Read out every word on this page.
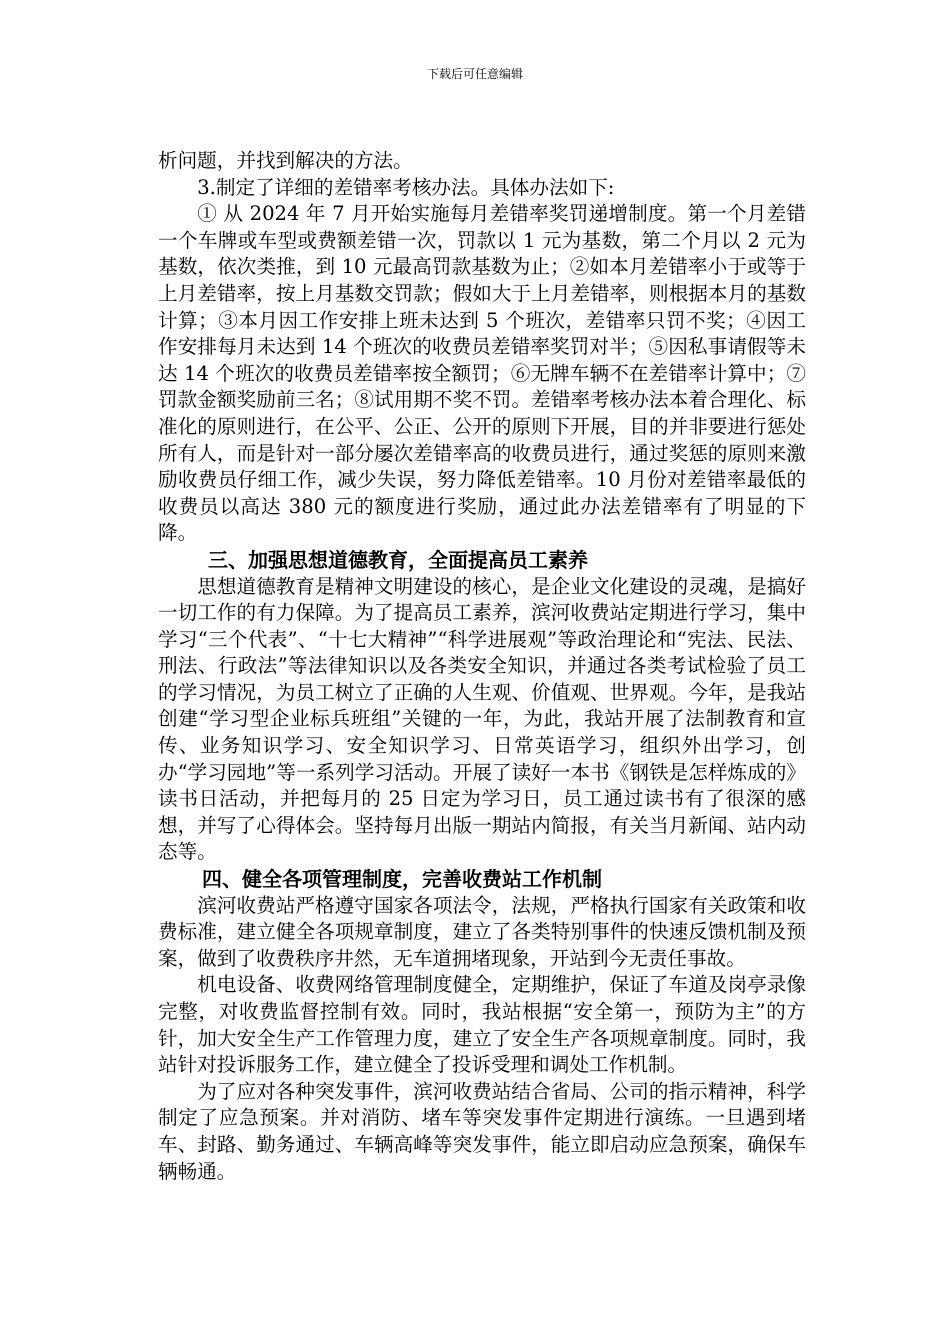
下载后可任意编辑

析问题，并找到解决的方法。

3.制定了详细的差错率考核办法。具体办法如下:

① 从 2024 年 7 月开始实施每月差错率奖罚递增制度。第一个月差错一个车牌或车型或费额差错一次，罚款以 1 元为基数，第二个月以 2 元为基数，依次类推，到 10 元最高罚款基数为止；②如本月差错率小于或等于上月差错率，按上月基数交罚款；假如大于上月差错率，则根据本月的基数计算；③本月因工作安排上班未达到 5 个班次，差错率只罚不奖；④因工作安排每月未达到 14 个班次的收费员差错率奖罚对半；⑤因私事请假等未达 14 个班次的收费员差错率按全额罚；⑥无牌车辆不在差错率计算中；⑦罚款金额奖励前三名；⑧试用期不奖不罚。差错率考核办法本着合理化、标准化的原则进行，在公平、公正、公开的原则下开展，目的并非要进行惩处所有人，而是针对一部分屡次差错率高的收费员进行，通过奖惩的原则来激励收费员仔细工作，减少失误，努力降低差错率。10 月份对差错率最低的收费员以高达 380 元的额度进行奖励，通过此办法差错率有了明显的下降。

三、加强思想道德教育，全面提高员工素养

思想道德教育是精神文明建设的核心，是企业文化建设的灵魂，是搞好一切工作的有力保障。为了提高员工素养，滨河收费站定期进行学习，集中学习“三个代表”、“十七大精神”“科学进展观”等政治理论和“宪法、民法、刑法、行政法”等法律知识以及各类安全知识，并通过各类考试检验了员工的学习情况，为员工树立了正确的人生观、价值观、世界观。今年，是我站创建“学习型企业标兵班组”关键的一年，为此，我站开展了法制教育和宣传、业务知识学习、安全知识学习、日常英语学习，组织外出学习，创办“学习园地”等一系列学习活动。开展了读好一本书《钢铁是怎样炼成的》读书日活动，并把每月的 25 日定为学习日，员工通过读书有了很深的感想，并写了心得体会。坚持每月出版一期站内简报，有关当月新闻、站内动态等。

四、健全各项管理制度，完善收费站工作机制

滨河收费站严格遵守国家各项法令，法规，严格执行国家有关政策和收费标准，建立健全各项规章制度，建立了各类特别事件的快速反馈机制及预案，做到了收费秩序井然，无车道拥堵现象，开站到今无责任事故。

机电设备、收费网络管理制度健全，定期维护，保证了车道及岗亭录像完整，对收费监督控制有效。同时，我站根据“安全第一，预防为主”的方针，加大安全生产工作管理力度，建立了安全生产各项规章制度。同时，我站针对投诉服务工作，建立健全了投诉受理和调处工作机制。

为了应对各种突发事件，滨河收费站结合省局、公司的指示精神，科学制定了应急预案。并对消防、堵车等突发事件定期进行演练。一旦遇到堵车、封路、勤务通过、车辆高峰等突发事件，能立即启动应急预案，确保车辆畅通。
